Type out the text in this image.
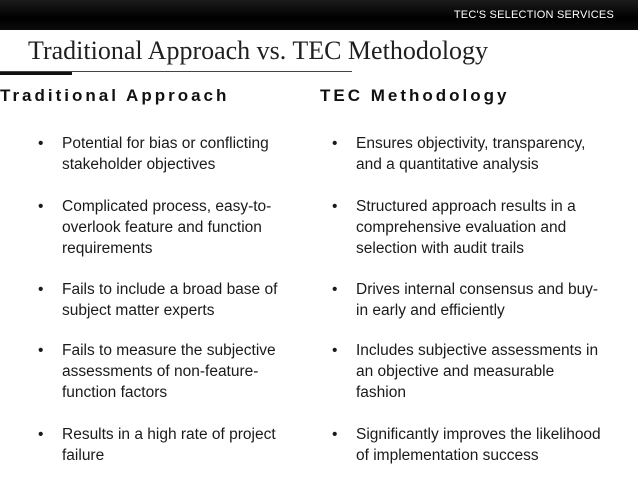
TEC'S SELECTION SERVICES
Traditional Approach vs. TEC Methodology
Traditional Approach
• Potential for bias or conflicting stakeholder objectives
• Complicated process, easy-to-overlook feature and function requirements
• Fails to include a broad base of subject matter experts
• Fails to measure the subjective assessments of non-feature-function factors
• Results in a high rate of project failure
TEC Methodology
• Ensures objectivity, transparency, and a quantitative analysis
• Structured approach results in a comprehensive evaluation and selection with audit trails
• Drives internal consensus and buy-in early and efficiently
• Includes subjective assessments in an objective and measurable fashion
• Significantly improves the likelihood of implementation success
